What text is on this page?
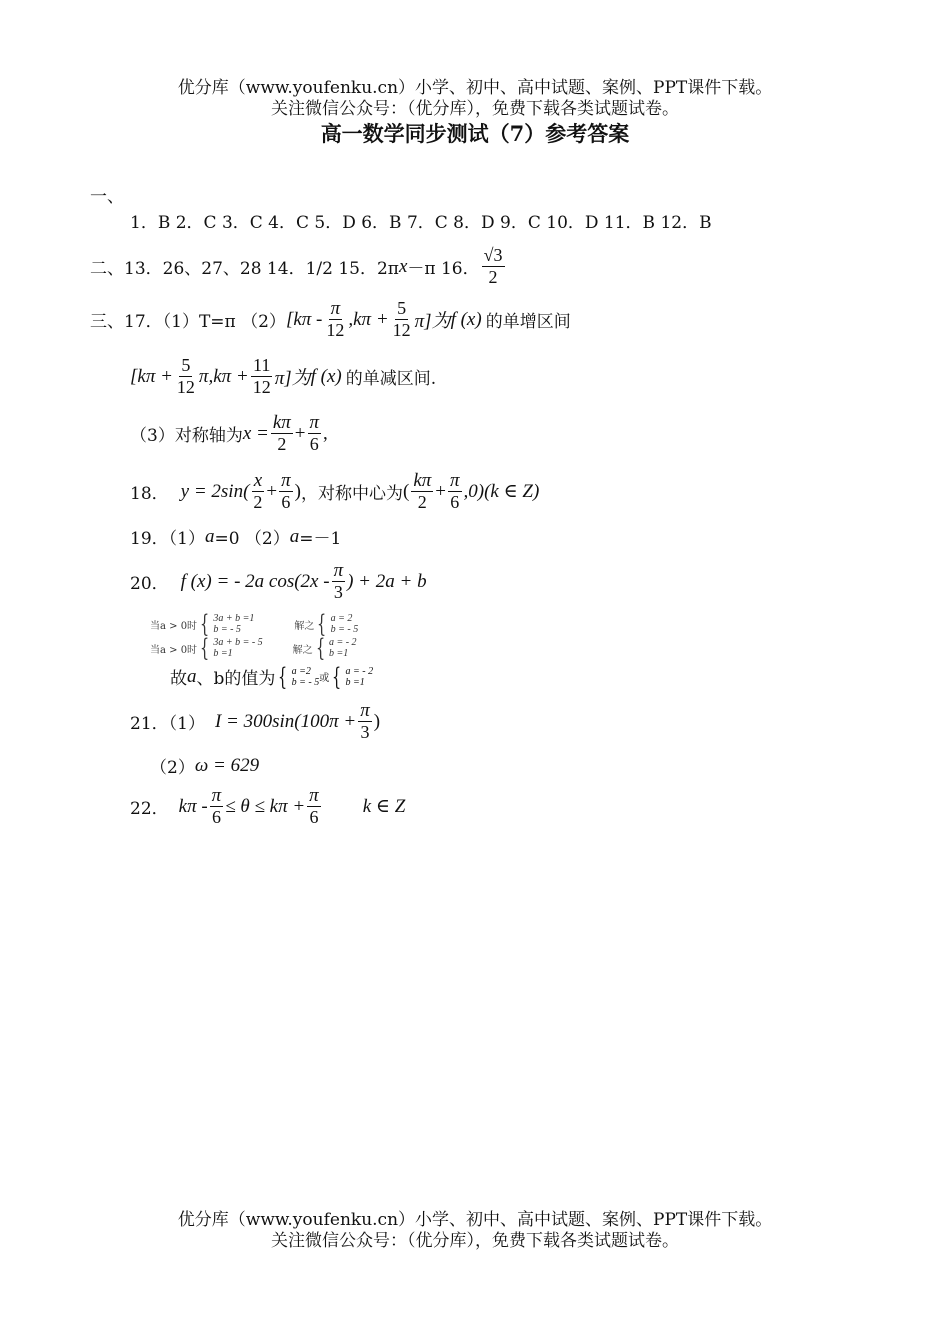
优分库（www.youfenku.cn）小学、初中、高中试题、案例、PPT课件下载。
关注微信公众号：（优分库），免费下载各类试题试卷。
高一数学同步测试（7）参考答案
一、
1．B 2．C 3．C 4．C 5．D 6．B 7．C 8．D 9．C 10．D 11．B 12．B
二、13．26、27、28 14．1/2 15．2π x －π 16． $\frac{√3}{2}$
三、17．（1）T=π （2） $[k\pi - \frac{\pi}{12} ,k\pi + \frac{5}{12} \pi]$为 f (x) 的单增区间
$[k\pi + \frac{5}{12} \pi,k\pi + \frac{11}{12} \pi]$为 f (x) 的单减区间.
（3）对称轴为 $x = \frac{k\pi}{2} + \frac{\pi}{6}$ ,
18． $y = 2\sin( \frac{x}{2} + \frac{\pi}{6}$ ) ，对称中心为 ( $\frac{k\pi}{2} + \frac{\pi}{6} ,0)(k$ ∈ Z)
19．（1） a =0 （2） a =－1
20． f (x) = - 2a $\cos(2x - \frac{\pi}{3}$ ) + 2a + b
当a > 0时 { 3a + b =1
b = - 5	解之 { a = 2
b = - 5
当a > 0时 { 3a + b = - 5
b =1	解之 { a = - 2
b =1
故 a 、b的值为 { a =2
b = - 5 或 { a = - 2
b =1
21．（1） $I = 300\sin(100\pi + \frac{\pi}{3}$ )
（2） ω = 629
22． $k\pi - \frac{\pi}{6} \le \theta \le k\pi + \frac{\pi}{6}$ k ∈ Z
优分库（www.youfenku.cn）小学、初中、高中试题、案例、PPT课件下载。
关注微信公众号：（优分库），免费下载各类试题试卷。
